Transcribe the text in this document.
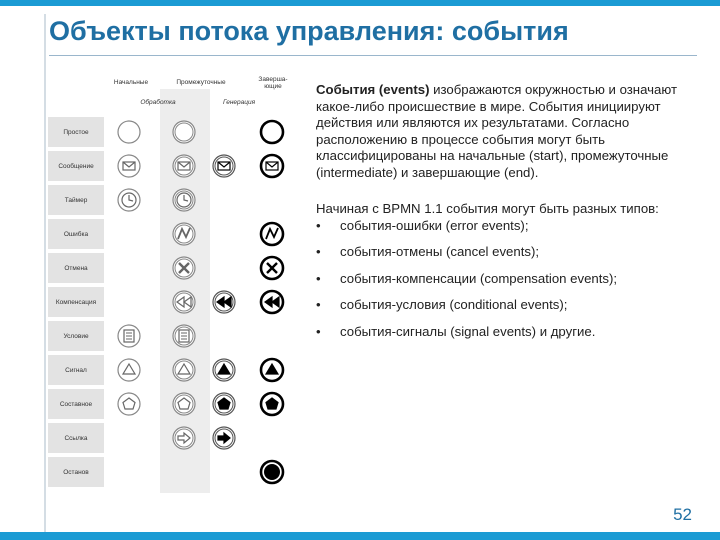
Объекты потока управления: события
Начальные	Промежуточные	Заверша- ющие
Обработка	Генерация
Простое
Сообщение
Таймер
Ошибка
Отмена
Компенсация
Условие
Сигнал
Составное
Ссылка
Останов

События (events) изображаются окружностью и означают какое-либо происшествие в мире. События инициируют действия или являются их результатами. Согласно расположению в процессе события могут быть классифицированы на начальные (start), промежуточные (intermediate) и завершающие (end).

Начиная с BPMN 1.1 события могут быть разных типов:

•	события-ошибки (error events);
•	события-отмены (cancel events);
•	события-компенсации (compensation events);
•	события-условия (conditional events);
•	события-сигналы (signal events) и другие.
52
